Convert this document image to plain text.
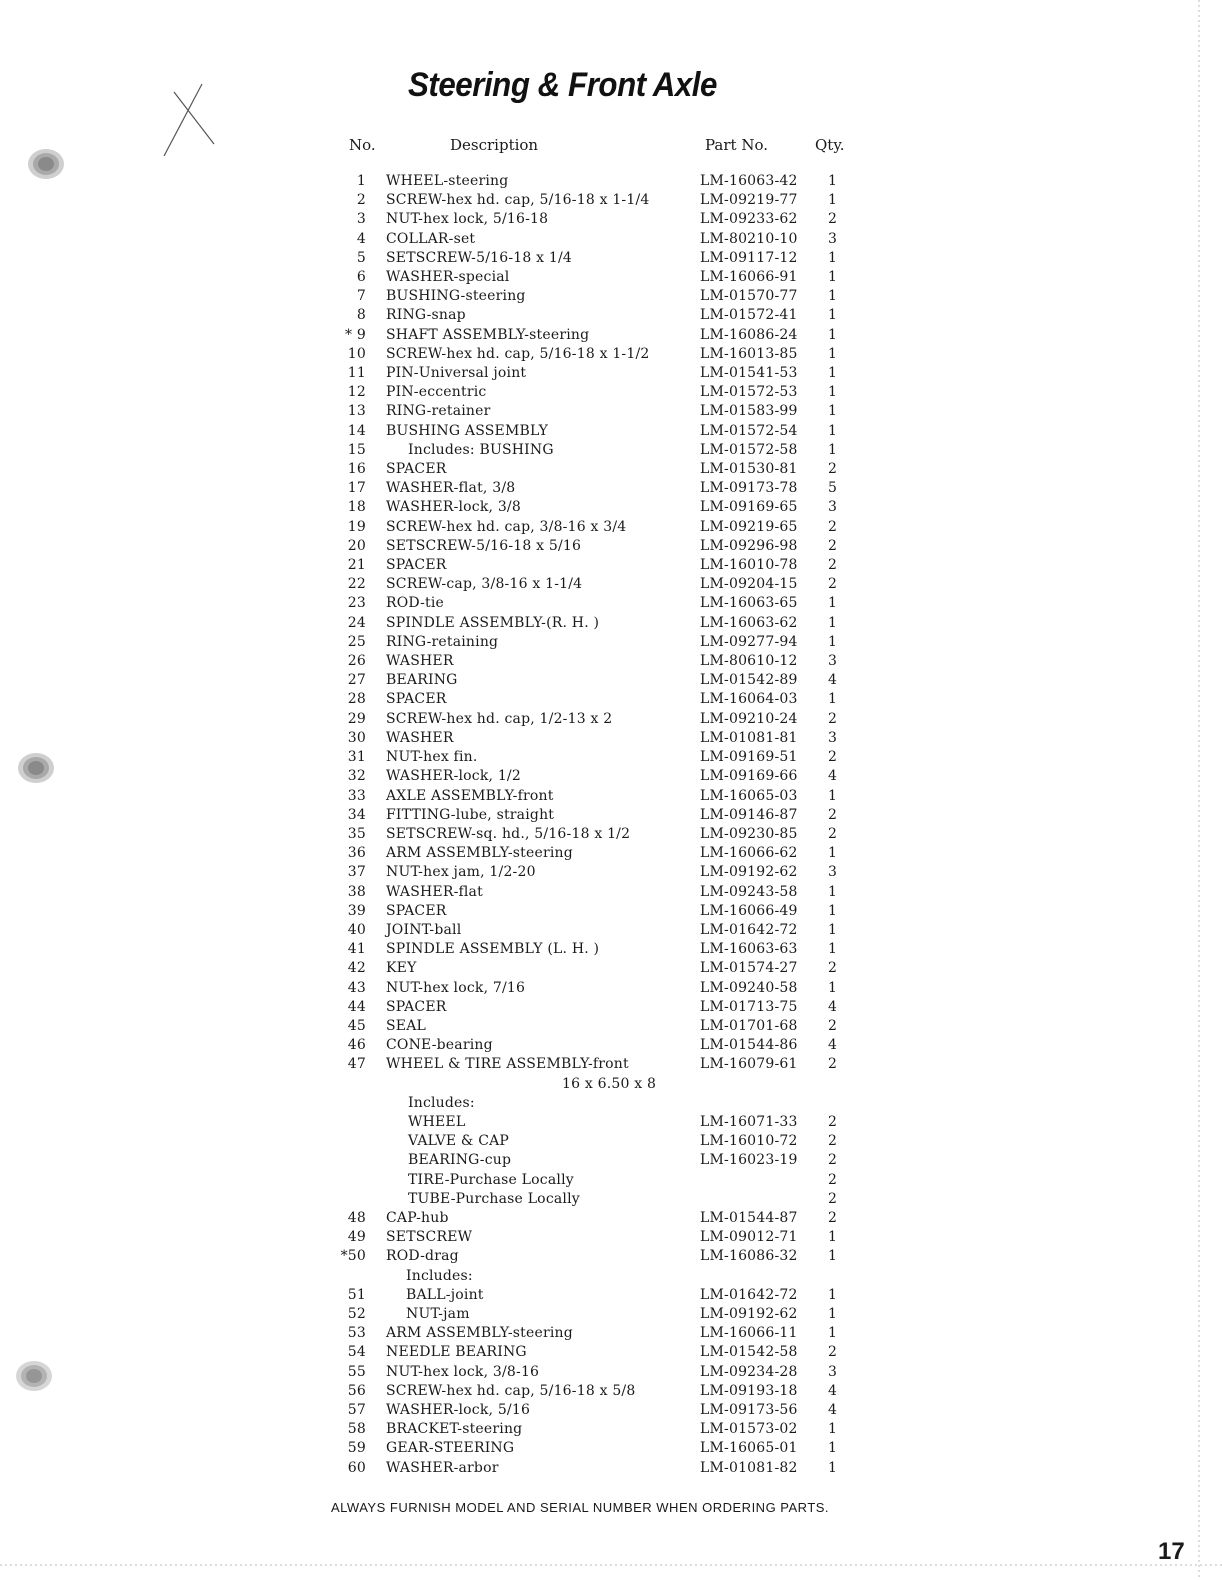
Steering & Front Axle
No.	Description	Part No.	Qty.
1	WHEEL-steering	LM-16063-42	1
2	SCREW-hex hd. cap, 5/16-18 x 1-1/4	LM-09219-77	1
3	NUT-hex lock, 5/16-18	LM-09233-62	2
4	COLLAR-set	LM-80210-10	3
5	SETSCREW-5/16-18 x 1/4	LM-09117-12	1
6	WASHER-special	LM-16066-91	1
7	BUSHING-steering	LM-01570-77	1
8	RING-snap	LM-01572-41	1
* 9	SHAFT ASSEMBLY-steering	LM-16086-24	1
10	SCREW-hex hd. cap, 5/16-18 x 1-1/2	LM-16013-85	1
11	PIN-Universal joint	LM-01541-53	1
12	PIN-eccentric	LM-01572-53	1
13	RING-retainer	LM-01583-99	1
14	BUSHING ASSEMBLY	LM-01572-54	1
15	Includes: BUSHING	LM-01572-58	1
16	SPACER	LM-01530-81	2
17	WASHER-flat, 3/8	LM-09173-78	5
18	WASHER-lock, 3/8	LM-09169-65	3
19	SCREW-hex hd. cap, 3/8-16 x 3/4	LM-09219-65	2
20	SETSCREW-5/16-18 x 5/16	LM-09296-98	2
21	SPACER	LM-16010-78	2
22	SCREW-cap, 3/8-16 x 1-1/4	LM-09204-15	2
23	ROD-tie	LM-16063-65	1
24	SPINDLE ASSEMBLY-(R. H. )	LM-16063-62	1
25	RING-retaining	LM-09277-94	1
26	WASHER	LM-80610-12	3
27	BEARING	LM-01542-89	4
28	SPACER	LM-16064-03	1
29	SCREW-hex hd. cap, 1/2-13 x 2	LM-09210-24	2
30	WASHER	LM-01081-81	3
31	NUT-hex fin.	LM-09169-51	2
32	WASHER-lock, 1/2	LM-09169-66	4
33	AXLE ASSEMBLY-front	LM-16065-03	1
34	FITTING-lube, straight	LM-09146-87	2
35	SETSCREW-sq. hd., 5/16-18 x 1/2	LM-09230-85	2
36	ARM ASSEMBLY-steering	LM-16066-62	1
37	NUT-hex jam, 1/2-20	LM-09192-62	3
38	WASHER-flat	LM-09243-58	1
39	SPACER	LM-16066-49	1
40	JOINT-ball	LM-01642-72	1
41	SPINDLE ASSEMBLY (L. H. )	LM-16063-63	1
42	KEY	LM-01574-27	2
43	NUT-hex lock, 7/16	LM-09240-58	1
44	SPACER	LM-01713-75	4
45	SEAL	LM-01701-68	2
46	CONE-bearing	LM-01544-86	4
47	WHEEL & TIRE ASSEMBLY-front	LM-16079-61	2
	16 x 6.50 x 8		
	Includes:		
	WHEEL	LM-16071-33	2
	VALVE & CAP	LM-16010-72	2
	BEARING-cup	LM-16023-19	2
	TIRE-Purchase Locally		2
	TUBE-Purchase Locally		2
48	CAP-hub	LM-01544-87	2
49	SETSCREW	LM-09012-71	1
*50	ROD-drag	LM-16086-32	1
	Includes:		
51	BALL-joint	LM-01642-72	1
52	NUT-jam	LM-09192-62	1
53	ARM ASSEMBLY-steering	LM-16066-11	1
54	NEEDLE BEARING	LM-01542-58	2
55	NUT-hex lock, 3/8-16	LM-09234-28	3
56	SCREW-hex hd. cap, 5/16-18 x 5/8	LM-09193-18	4
57	WASHER-lock, 5/16	LM-09173-56	4
58	BRACKET-steering	LM-01573-02	1
59	GEAR-STEERING	LM-16065-01	1
60	WASHER-arbor	LM-01081-82	1
ALWAYS FURNISH MODEL AND SERIAL NUMBER WHEN ORDERING PARTS.
17
